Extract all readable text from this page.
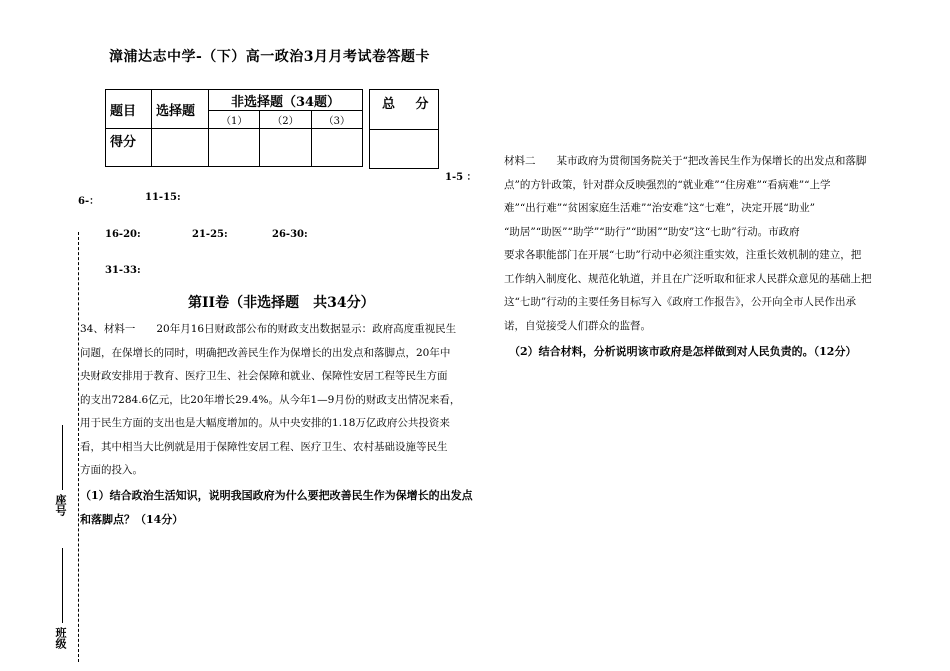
漳浦达志中学-（下）高一政治3月月考试卷答题卡
题目	选择题	非选择题（34题）		
		（1）	（2）	（3）

得分				

总 分
1-5 ：
6-：	11-15:
16-20:	21-25:	26-30:
31-33:
第II卷（非选择题　共34分）
34、材料一　　20年月16日财政部公布的财政支出数据显示：政府高度重视民生
问题，在保增长的同时，明确把改善民生作为保增长的出发点和落脚点，20年中
央财政安排用于教育、医疗卫生、社会保障和就业、保障性安居工程等民生方面
的支出7284.6亿元，比20年增长29.4%。从今年1—9月份的财政支出情况来看，
用于民生方面的支出也是大幅度增加的。从中央安排的1.18万亿政府公共投资来
看，其中相当大比例就是用于保障性安居工程、医疗卫生、农村基础设施等民生
方面的投入。
（1）结合政治生活知识，说明我国政府为什么要把改善民生作为保增长的出发点
和落脚点？（14分）
材料二　　某市政府为贯彻国务院关于“把改善民生作为保增长的出发点和落脚
点”的方针政策，针对群众反映强烈的“就业难”“住房难”“看病难”“上学
难”“出行难”“贫困家庭生活难”“治安难”这“七难”，决定开展“助业”
“助居”“助医”“助学”“助行”“助困”“助安”这“七助”行动。市政府
要求各职能部门在开展“七助”行动中必须注重实效，注重长效机制的建立，把
工作纳入制度化、规范化轨道，并且在广泛听取和征求人民群众意见的基础上把
这“七助”行动的主要任务目标写入《政府工作报告》，公开向全市人民作出承
诺，自觉接受人们群众的监督。
（2）结合材料，分析说明该市政府是怎样做到对人民负责的。（12分）
座号
班级
